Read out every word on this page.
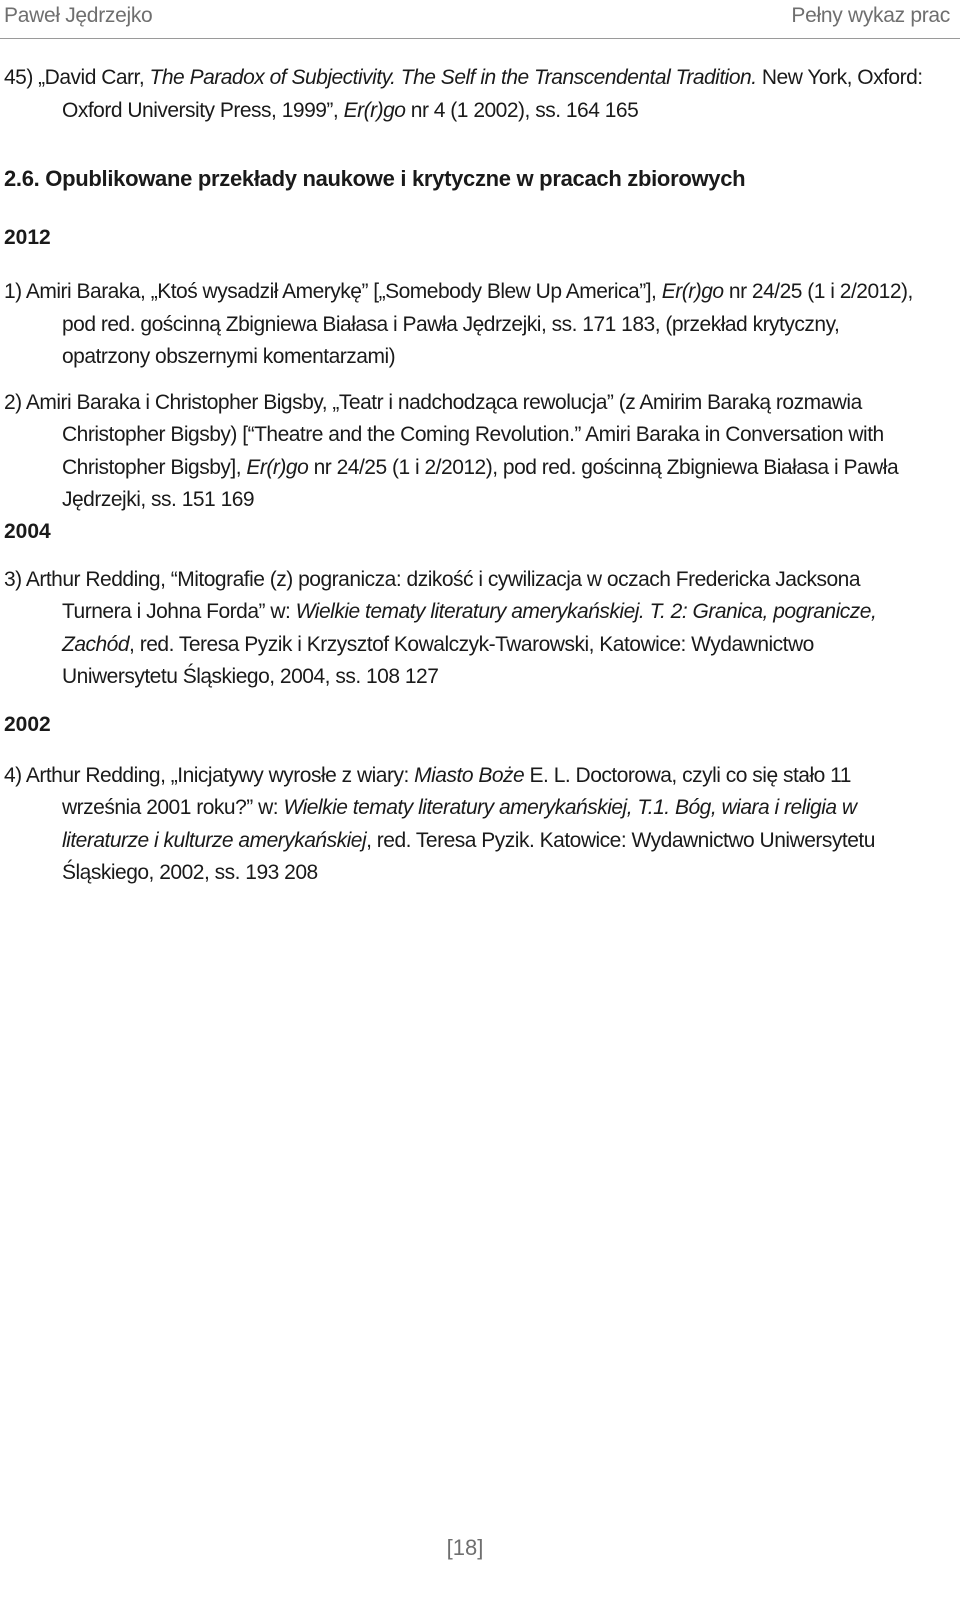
Paweł Jędrzejko	Pełny wykaz prac

45) „David Carr, The Paradox of Subjectivity. The Self in the Transcendental Tradition. New York, Oxford: Oxford University Press, 1999”, Er(r)go nr 4 (1 2002), ss. 164 165

2.6. Opublikowane przekłady naukowe i krytyczne w pracach zbiorowych
2012

1) Amiri Baraka, „Ktoś wysadził Amerykę” [„Somebody Blew Up America”], Er(r)go nr 24/25 (1 i 2/2012), pod red. gościnną Zbigniewa Białasa i Pawła Jędrzejki, ss. 171 183, (przekład krytyczny, opatrzony obszernymi komentarzami)

2) Amiri Baraka i Christopher Bigsby, „Teatr i nadchodząca rewolucja” (z Amirim Baraką rozmawia Christopher Bigsby) [“Theatre and the Coming Revolution.” Amiri Baraka in Conversation with Christopher Bigsby], Er(r)go nr 24/25 (1 i 2/2012), pod red. gościnną Zbigniewa Białasa i Pawła Jędrzejki, ss. 151 169

2004

3) Arthur Redding, “Mitografie (z) pogranicza: dzikość i cywilizacja w oczach Fredericka Jacksona Turnera i Johna Forda” w: Wielkie tematy literatury amerykańskiej. T. 2: Granica, pogranicze, Zachód, red. Teresa Pyzik i Krzysztof Kowalczyk-Twarowski, Katowice: Wydawnictwo Uniwersytetu Śląskiego, 2004, ss. 108 127

2002

4) Arthur Redding, „Inicjatywy wyrosłe z wiary: Miasto Boże E. L. Doctorowa, czyli co się stało 11 września 2001 roku?” w: Wielkie tematy literatury amerykańskiej, T.1. Bóg, wiara i religia w literaturze i kulturze amerykańskiej, red. Teresa Pyzik. Katowice: Wydawnictwo Uniwersytetu Śląskiego, 2002, ss. 193 208

[18]
